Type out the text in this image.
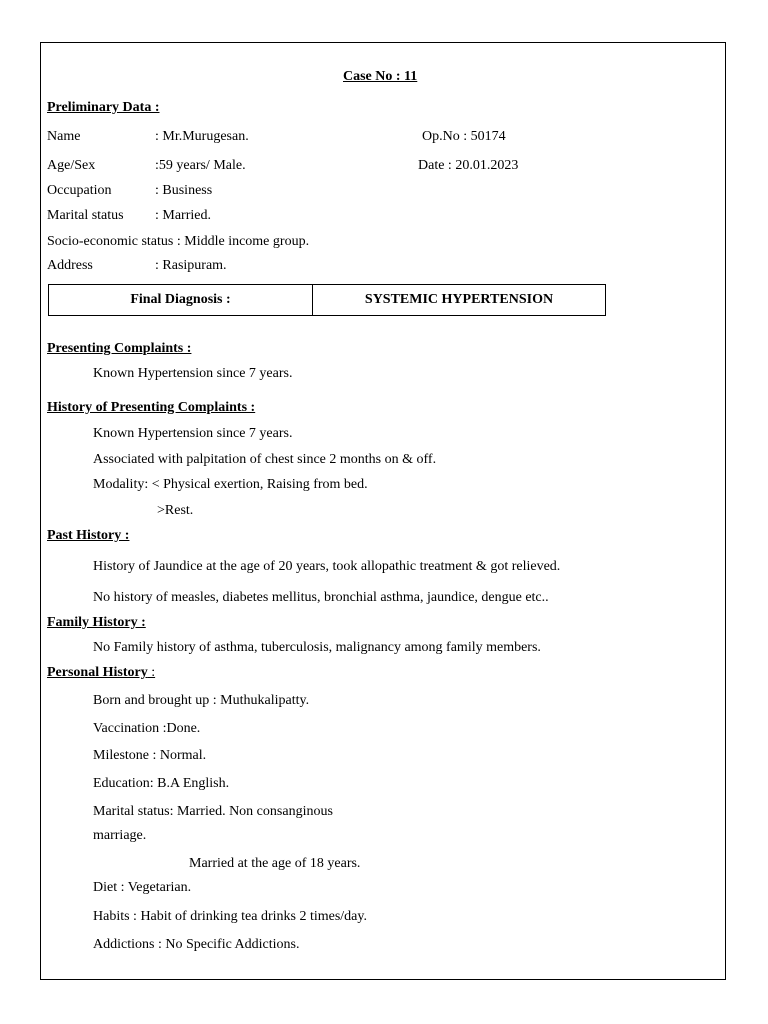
Case No : 11
Preliminary Data :
Name	: Mr.Murugesan.	Op.No : 50174
Age/Sex	:59 years/ Male.	Date : 20.01.2023
Occupation	: Business
Marital status : Married.
Socio-economic status : Middle income group.
Address	: Rasipuram.
Final Diagnosis :	SYSTEMIC HYPERTENSION
Presenting Complaints :
Known Hypertension since 7 years.
History of Presenting Complaints :
Known Hypertension since 7 years.
Associated with palpitation of chest since 2 months on & off.
Modality: < Physical exertion, Raising from bed.
>Rest.
Past History :
History of Jaundice at the age of 20 years, took allopathic treatment & got relieved.
No history of measles, diabetes mellitus, bronchial asthma, jaundice, dengue etc..
Family History :
No Family history of asthma, tuberculosis, malignancy among family members.
Personal History :
Born and brought up : Muthukalipatty.
Vaccination :Done.
Milestone : Normal.
Education: B.A English.
Marital status: Married. Non consanginous
marriage.
Married at the age of 18 years.
Diet : Vegetarian.
Habits : Habit of drinking tea drinks 2 times/day.
Addictions : No Specific Addictions.
